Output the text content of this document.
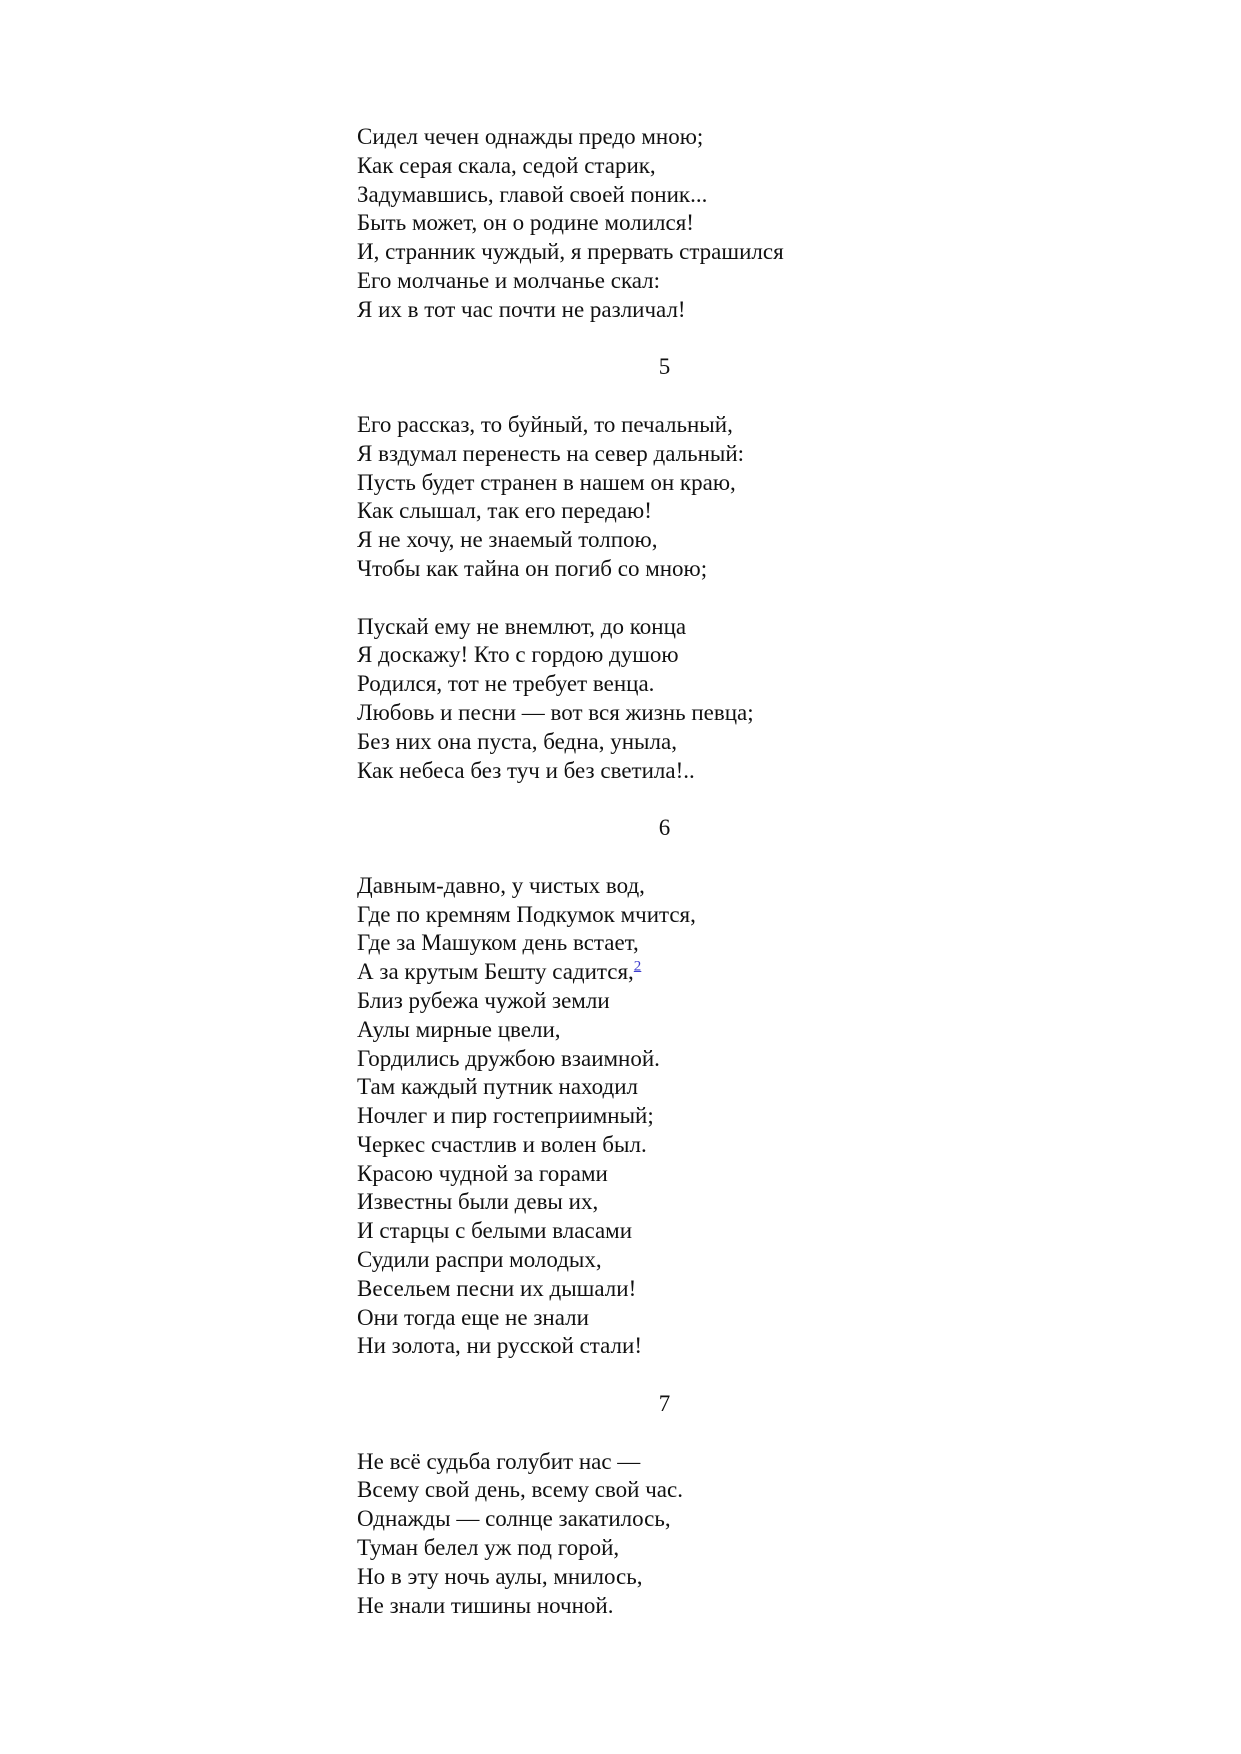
Сидел чечен однажды предо мною;
Как серая скала, седой старик,
Задумавшись, главой своей поник...
Быть может, он о родине молился!
И, странник чуждый, я прервать страшился
Его молчанье и молчанье скал:
Я их в тот час почти не различал!
5
Его рассказ, то буйный, то печальный,
Я вздумал перенесть на север дальный:
Пусть будет странен в нашем он краю,
Как слышал, так его передаю!
Я не хочу, не знаемый толпою,
Чтобы как тайна он погиб со мною;
Пускай ему не внемлют, до конца
Я доскажу! Кто с гордою душою
Родился, тот не требует венца.
Любовь и песни — вот вся жизнь певца;
Без них она пуста, бедна, уныла,
Как небеса без туч и без светила!..
6
Давным-давно, у чистых вод,
Где по кремням Подкумок мчится,
Где за Машуком день встает,
А за крутым Бешту садится,$^2$
Близ рубежа чужой земли
Аулы мирные цвели,
Гордились дружбою взаимной.
Там каждый путник находил
Ночлег и пир гостеприимный;
Черкес счастлив и волен был.
Красою чудной за горами
Известны были девы их,
И старцы с белыми власами
Судили распри молодых,
Весельем песни их дышали!
Они тогда еще не знали
Ни золота, ни русской стали!
7
Не всё судьба голубит нас —
Всему свой день, всему свой час.
Однажды — солнце закатилось,
Туман белел уж под горой,
Но в эту ночь аулы, мнилось,
Не знали тишины ночной.
